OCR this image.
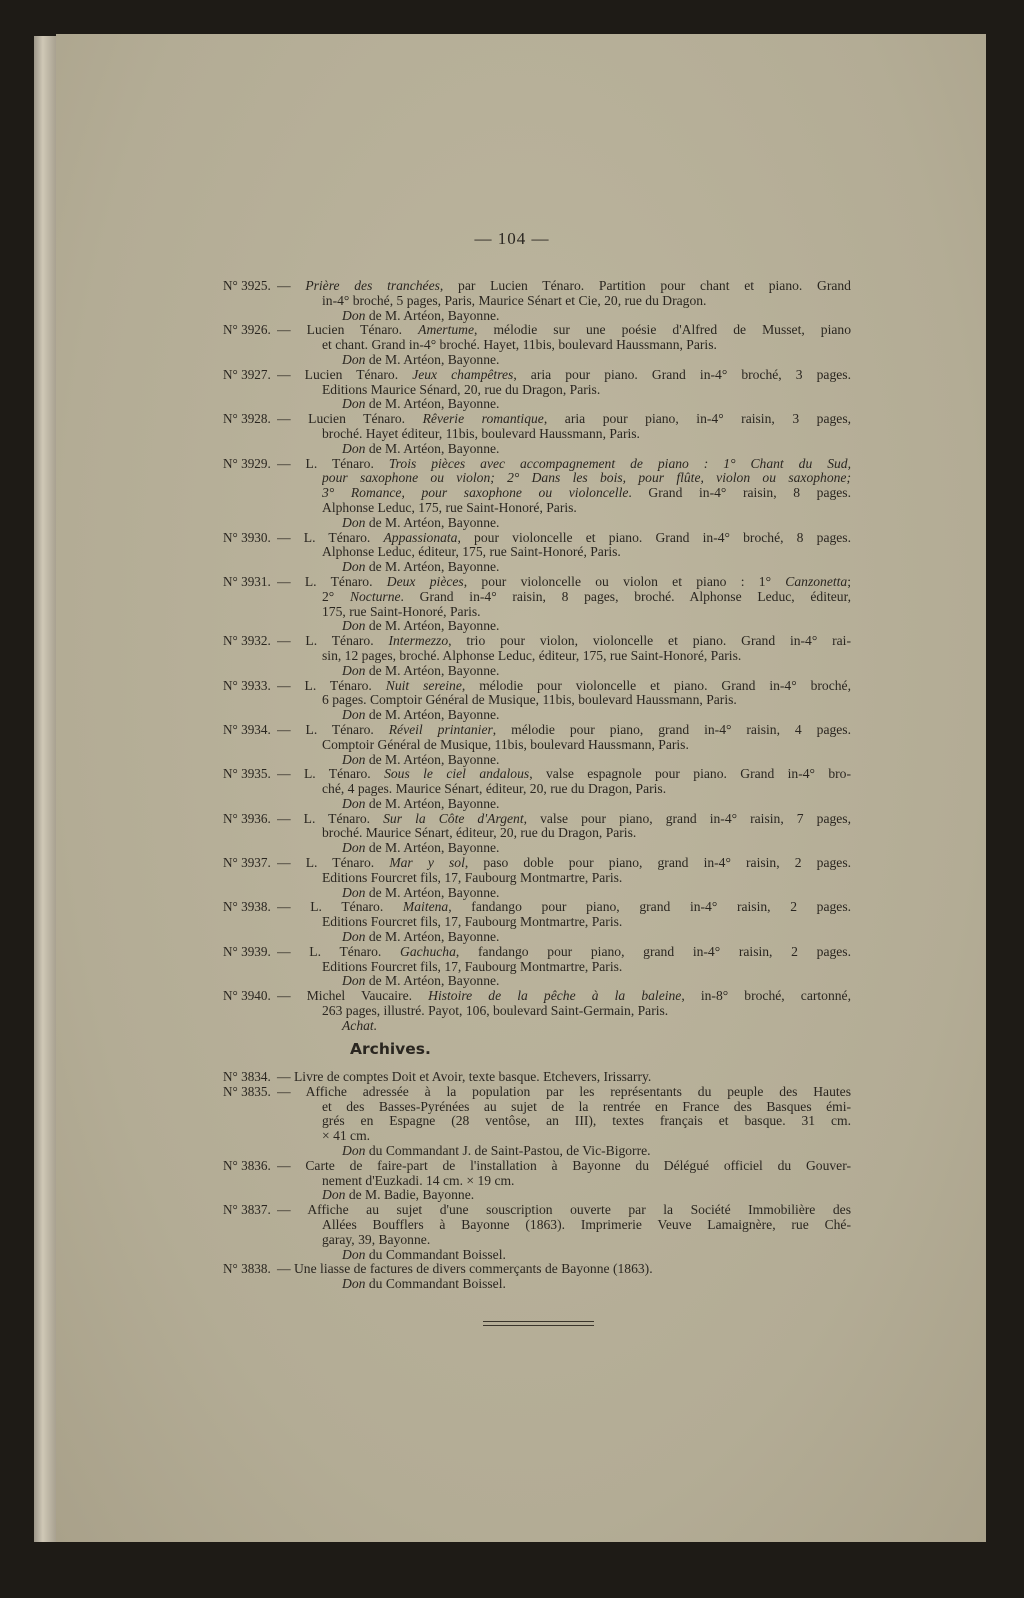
— 104 —
N° 3925. — Prière des tranchées, par Lucien Ténaro. Partition pour chant et piano. Grand
in-4° broché, 5 pages, Paris, Maurice Sénart et Cie, 20, rue du Dragon.
Don de M. Artéon, Bayonne.
N° 3926. — Lucien Ténaro. Amertume, mélodie sur une poésie d'Alfred de Musset, piano
et chant. Grand in-4° broché. Hayet, 11bis, boulevard Haussmann, Paris.
Don de M. Artéon, Bayonne.
N° 3927. — Lucien Ténaro. Jeux champêtres, aria pour piano. Grand in-4° broché, 3 pages.
Editions Maurice Sénard, 20, rue du Dragon, Paris.
Don de M. Artéon, Bayonne.
N° 3928. — Lucien Ténaro. Rêverie romantique, aria pour piano, in-4° raisin, 3 pages,
broché. Hayet éditeur, 11bis, boulevard Haussmann, Paris.
Don de M. Artéon, Bayonne.
N° 3929. — L. Ténaro. Trois pièces avec accompagnement de piano : 1° Chant du Sud,
pour saxophone ou violon; 2° Dans les bois, pour flûte, violon ou saxophone;
3° Romance, pour saxophone ou violoncelle. Grand in-4° raisin, 8 pages.
Alphonse Leduc, 175, rue Saint-Honoré, Paris.
Don de M. Artéon, Bayonne.
N° 3930. — L. Ténaro. Appassionata, pour violoncelle et piano. Grand in-4° broché, 8 pages.
Alphonse Leduc, éditeur, 175, rue Saint-Honoré, Paris.
Don de M. Artéon, Bayonne.
N° 3931. — L. Ténaro. Deux pièces, pour violoncelle ou violon et piano : 1° Canzonetta;
2° Nocturne. Grand in-4° raisin, 8 pages, broché. Alphonse Leduc, éditeur,
175, rue Saint-Honoré, Paris.
Don de M. Artéon, Bayonne.
N° 3932. — L. Ténaro. Intermezzo, trio pour violon, violoncelle et piano. Grand in-4° rai-
sin, 12 pages, broché. Alphonse Leduc, éditeur, 175, rue Saint-Honoré, Paris.
Don de M. Artéon, Bayonne.
N° 3933. — L. Ténaro. Nuit sereine, mélodie pour violoncelle et piano. Grand in-4° broché,
6 pages. Comptoir Général de Musique, 11bis, boulevard Haussmann, Paris.
Don de M. Artéon, Bayonne.
N° 3934. — L. Ténaro. Réveil printanier, mélodie pour piano, grand in-4° raisin, 4 pages.
Comptoir Général de Musique, 11bis, boulevard Haussmann, Paris.
Don de M. Artéon, Bayonne.
N° 3935. — L. Ténaro. Sous le ciel andalous, valse espagnole pour piano. Grand in-4° bro-
ché, 4 pages. Maurice Sénart, éditeur, 20, rue du Dragon, Paris.
Don de M. Artéon, Bayonne.
N° 3936. — L. Ténaro. Sur la Côte d'Argent, valse pour piano, grand in-4° raisin, 7 pages,
broché. Maurice Sénart, éditeur, 20, rue du Dragon, Paris.
Don de M. Artéon, Bayonne.
N° 3937. — L. Ténaro. Mar y sol, paso doble pour piano, grand in-4° raisin, 2 pages.
Editions Fourcret fils, 17, Faubourg Montmartre, Paris.
Don de M. Artéon, Bayonne.
N° 3938. — L. Ténaro. Maitena, fandango pour piano, grand in-4° raisin, 2 pages.
Editions Fourcret fils, 17, Faubourg Montmartre, Paris.
Don de M. Artéon, Bayonne.
N° 3939. — L. Ténaro. Gachucha, fandango pour piano, grand in-4° raisin, 2 pages.
Editions Fourcret fils, 17, Faubourg Montmartre, Paris.
Don de M. Artéon, Bayonne.
N° 3940. — Michel Vaucaire. Histoire de la pêche à la baleine, in-8° broché, cartonné,
263 pages, illustré. Payot, 106, boulevard Saint-Germain, Paris.
Achat.
Archives.
N° 3834. — Livre de comptes Doit et Avoir, texte basque. Etchevers, Irissarry.
N° 3835. — Affiche adressée à la population par les représentants du peuple des Hautes
et des Basses-Pyrénées au sujet de la rentrée en France des Basques émi-
grés en Espagne (28 ventôse, an III), textes français et basque. 31 cm.
× 41 cm.
Don du Commandant J. de Saint-Pastou, de Vic-Bigorre.
N° 3836. — Carte de faire-part de l'installation à Bayonne du Délégué officiel du Gouver-
nement d'Euzkadi. 14 cm. × 19 cm.
Don de M. Badie, Bayonne.
N° 3837. — Affiche au sujet d'une souscription ouverte par la Société Immobilière des
Allées Boufflers à Bayonne (1863). Imprimerie Veuve Lamaignère, rue Ché-
garay, 39, Bayonne.
Don du Commandant Boissel.
N° 3838. — Une liasse de factures de divers commerçants de Bayonne (1863).
Don du Commandant Boissel.
